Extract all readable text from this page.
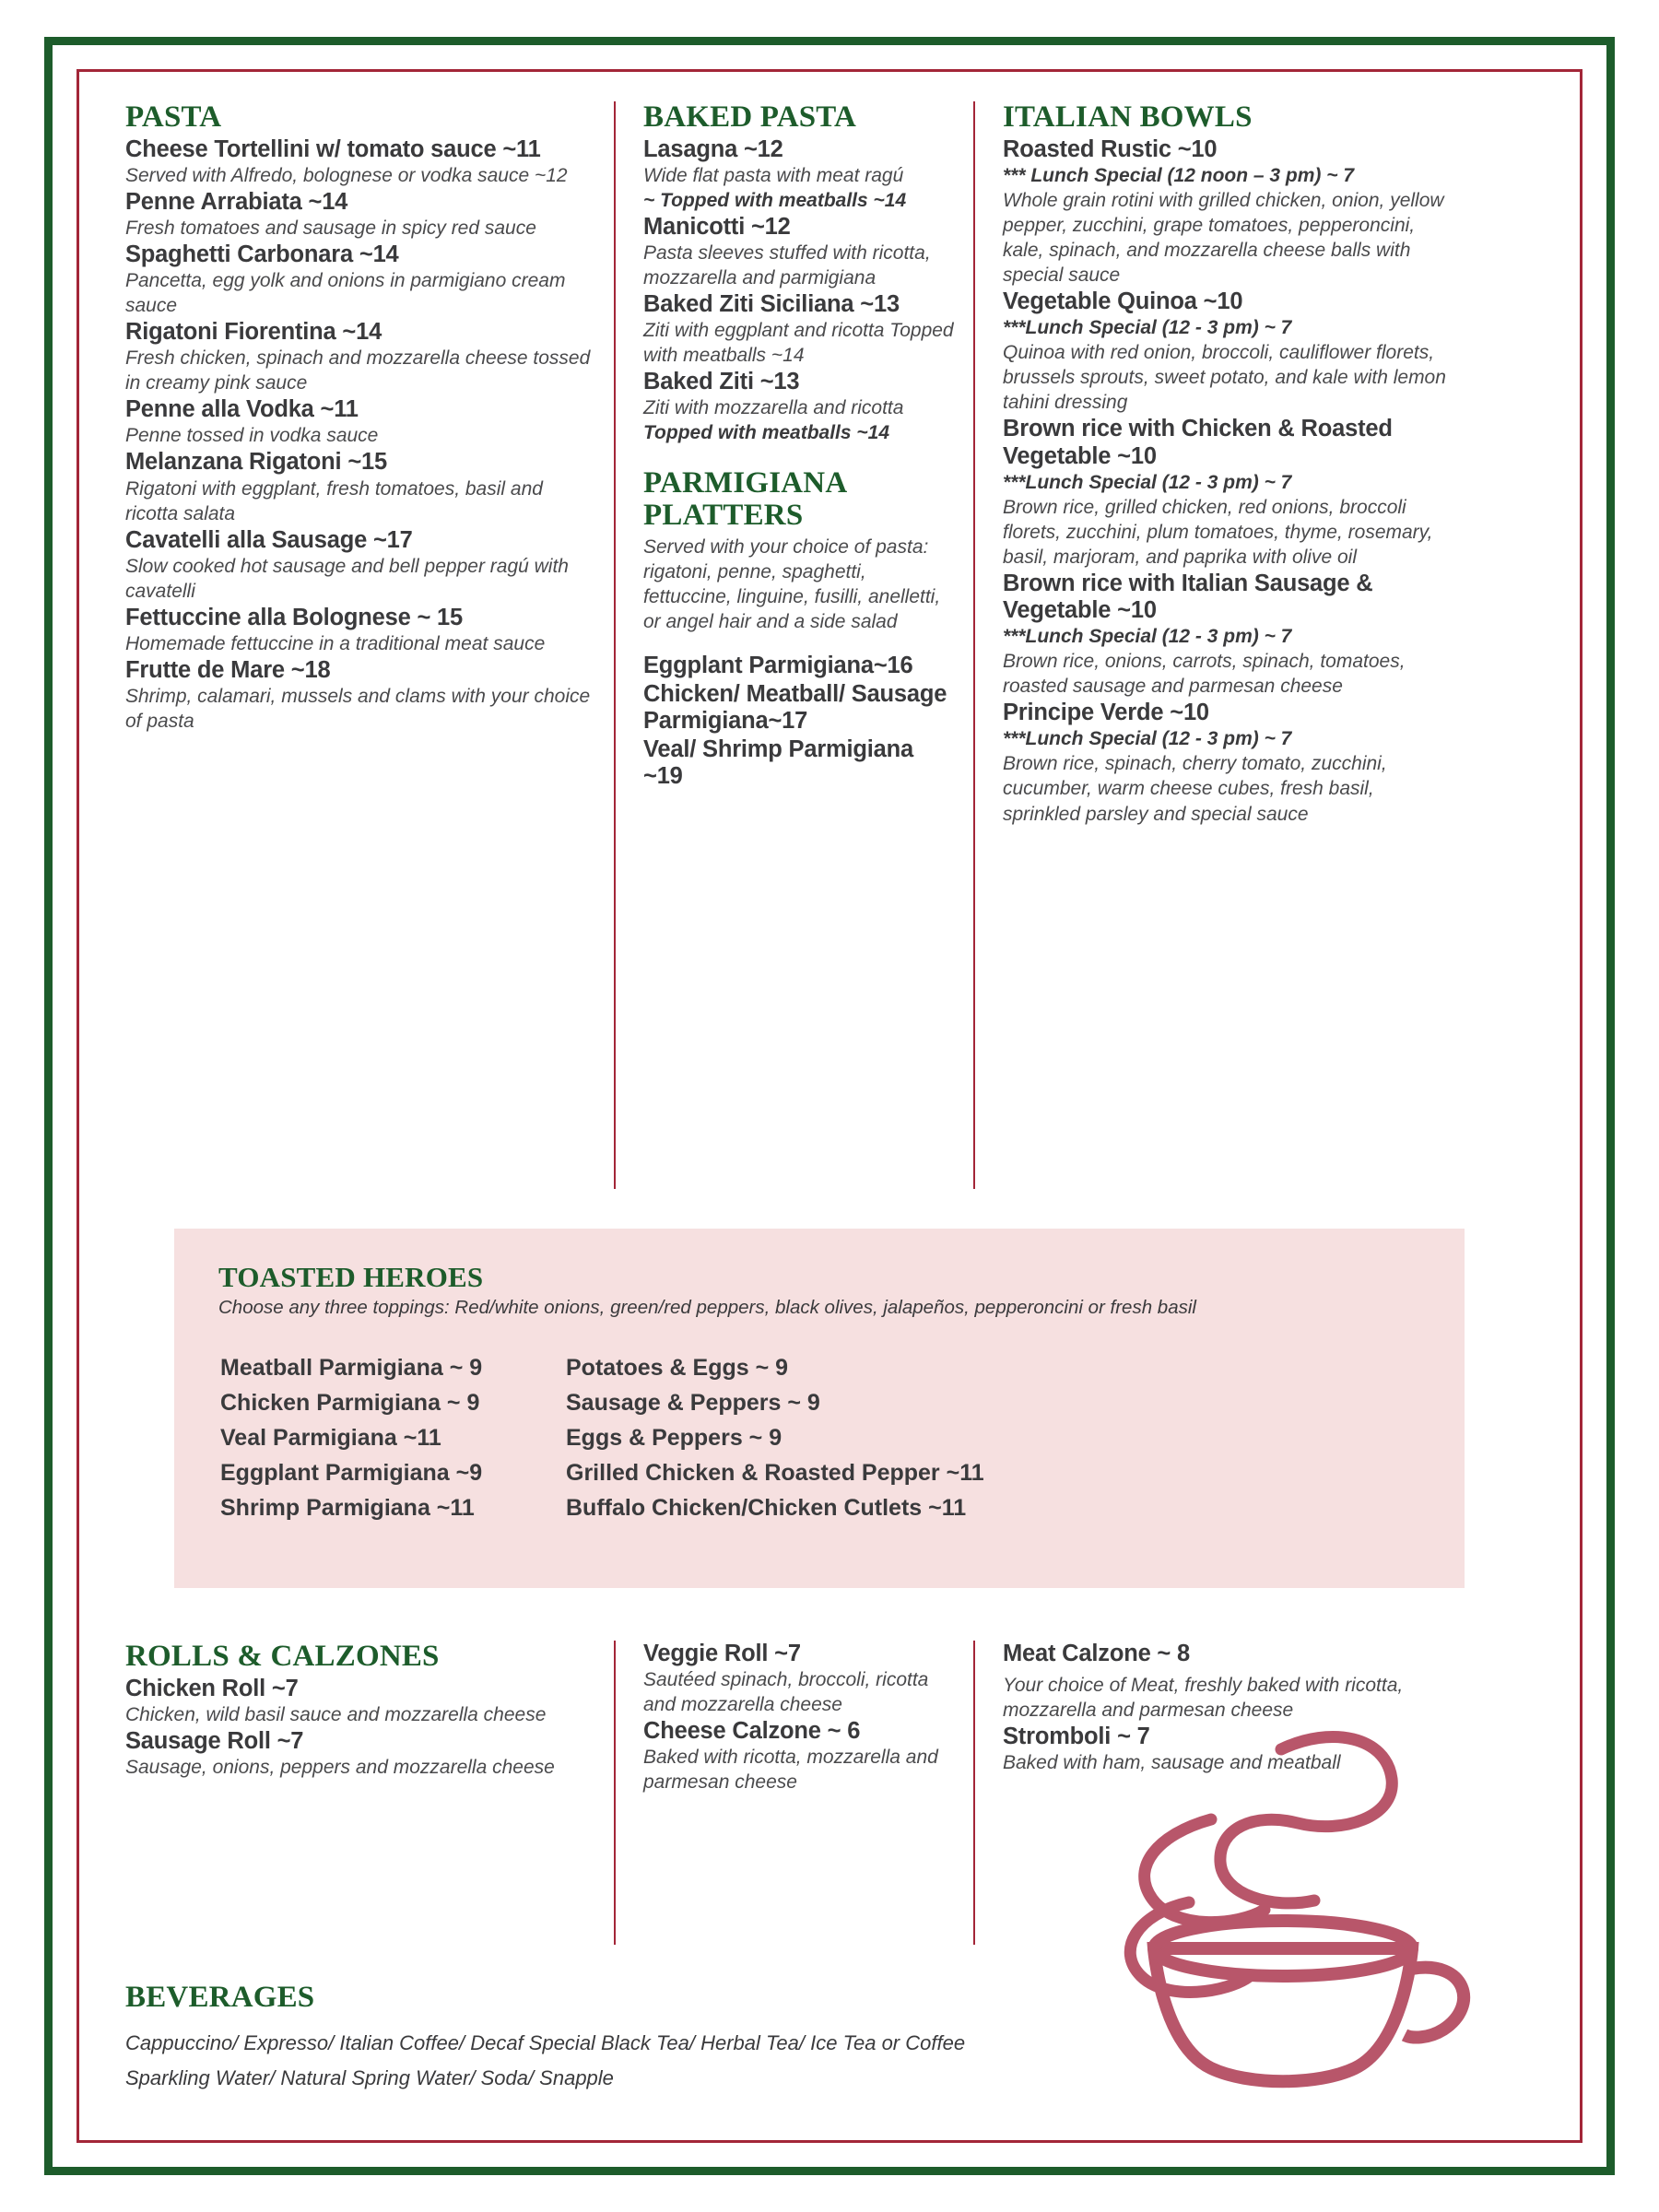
PASTA
Cheese Tortellini w/ tomato sauce ~11
Served with Alfredo, bolognese or vodka sauce ~12
Penne Arrabiata ~14
Fresh tomatoes and sausage in spicy red sauce
Spaghetti Carbonara ~14
Pancetta, egg yolk and onions in parmigiano cream sauce
Rigatoni Fiorentina ~14
Fresh chicken, spinach and mozzarella cheese tossed in creamy pink sauce
Penne alla Vodka ~11
Penne tossed in vodka sauce
Melanzana Rigatoni ~15
Rigatoni with eggplant, fresh tomatoes, basil and ricotta salata
Cavatelli alla Sausage ~17
Slow cooked hot sausage and bell pepper ragú with cavatelli
Fettuccine alla Bolognese ~ 15
Homemade fettuccine in a traditional meat sauce
Frutte de Mare ~18
Shrimp, calamari, mussels and clams with your choice of pasta
BAKED PASTA
Lasagna ~12
Wide flat pasta with meat ragú
~ Topped with meatballs ~14
Manicotti ~12
Pasta sleeves stuffed with ricotta, mozzarella and parmigiana
Baked Ziti Siciliana ~13
Ziti with eggplant and ricotta Topped with meatballs ~14
Baked Ziti ~13
Ziti with mozzarella and ricotta
Topped with meatballs ~14
PARMIGIANA PLATTERS
Served with your choice of pasta: rigatoni, penne, spaghetti, fettuccine, linguine, fusilli, anelletti, or angel hair and a side salad
Eggplant Parmigiana~16
Chicken/ Meatball/ Sausage Parmigiana~17
Veal/ Shrimp Parmigiana ~19
ITALIAN BOWLS
Roasted Rustic ~10
*** Lunch Special (12 noon – 3 pm) ~ 7
Whole grain rotini with grilled chicken, onion, yellow pepper, zucchini, grape tomatoes, pepperoncini, kale, spinach, and mozzarella cheese balls with special sauce
Vegetable Quinoa ~10
***Lunch Special (12 - 3 pm) ~ 7
Quinoa with red onion, broccoli, cauliflower florets, brussels sprouts, sweet potato, and kale with lemon tahini dressing
Brown rice with Chicken & Roasted Vegetable ~10
***Lunch Special (12 - 3 pm) ~ 7
Brown rice, grilled chicken, red onions, broccoli florets, zucchini, plum tomatoes, thyme, rosemary, basil, marjoram, and paprika with olive oil
Brown rice with Italian Sausage & Vegetable ~10
***Lunch Special (12 - 3 pm) ~ 7
Brown rice, onions, carrots, spinach, tomatoes, roasted sausage and parmesan cheese
Principe Verde ~10
***Lunch Special (12 - 3 pm) ~ 7
Brown rice, spinach, cherry tomato, zucchini, cucumber, warm cheese cubes, fresh basil, sprinkled parsley and special sauce
TOASTED HEROES
Choose any three toppings: Red/white onions, green/red peppers, black olives, jalapeños, pepperoncini or fresh basil
Meatball Parmigiana ~ 9	Potatoes & Eggs ~ 9
Chicken Parmigiana ~ 9	Sausage & Peppers ~ 9
Veal Parmigiana ~11	Eggs & Peppers ~ 9
Eggplant Parmigiana ~9	Grilled Chicken & Roasted Pepper ~11
Shrimp Parmigiana ~11	Buffalo Chicken/Chicken Cutlets ~11
ROLLS & CALZONES
Chicken Roll ~7
Chicken, wild basil sauce and mozzarella cheese
Sausage Roll ~7
Sausage, onions, peppers and mozzarella cheese
Veggie Roll ~7
Sautéed spinach, broccoli, ricotta and mozzarella cheese
Cheese Calzone ~ 6
Baked with ricotta, mozzarella and parmesan cheese
Meat Calzone ~ 8
Your choice of Meat, freshly baked with ricotta, mozzarella and parmesan cheese
Stromboli ~ 7
Baked with ham, sausage and meatball
BEVERAGES
Cappuccino/ Expresso/ Italian Coffee/ Decaf Special Black Tea/ Herbal Tea/ Ice Tea or Coffee
Sparkling Water/ Natural Spring Water/ Soda/ Snapple
